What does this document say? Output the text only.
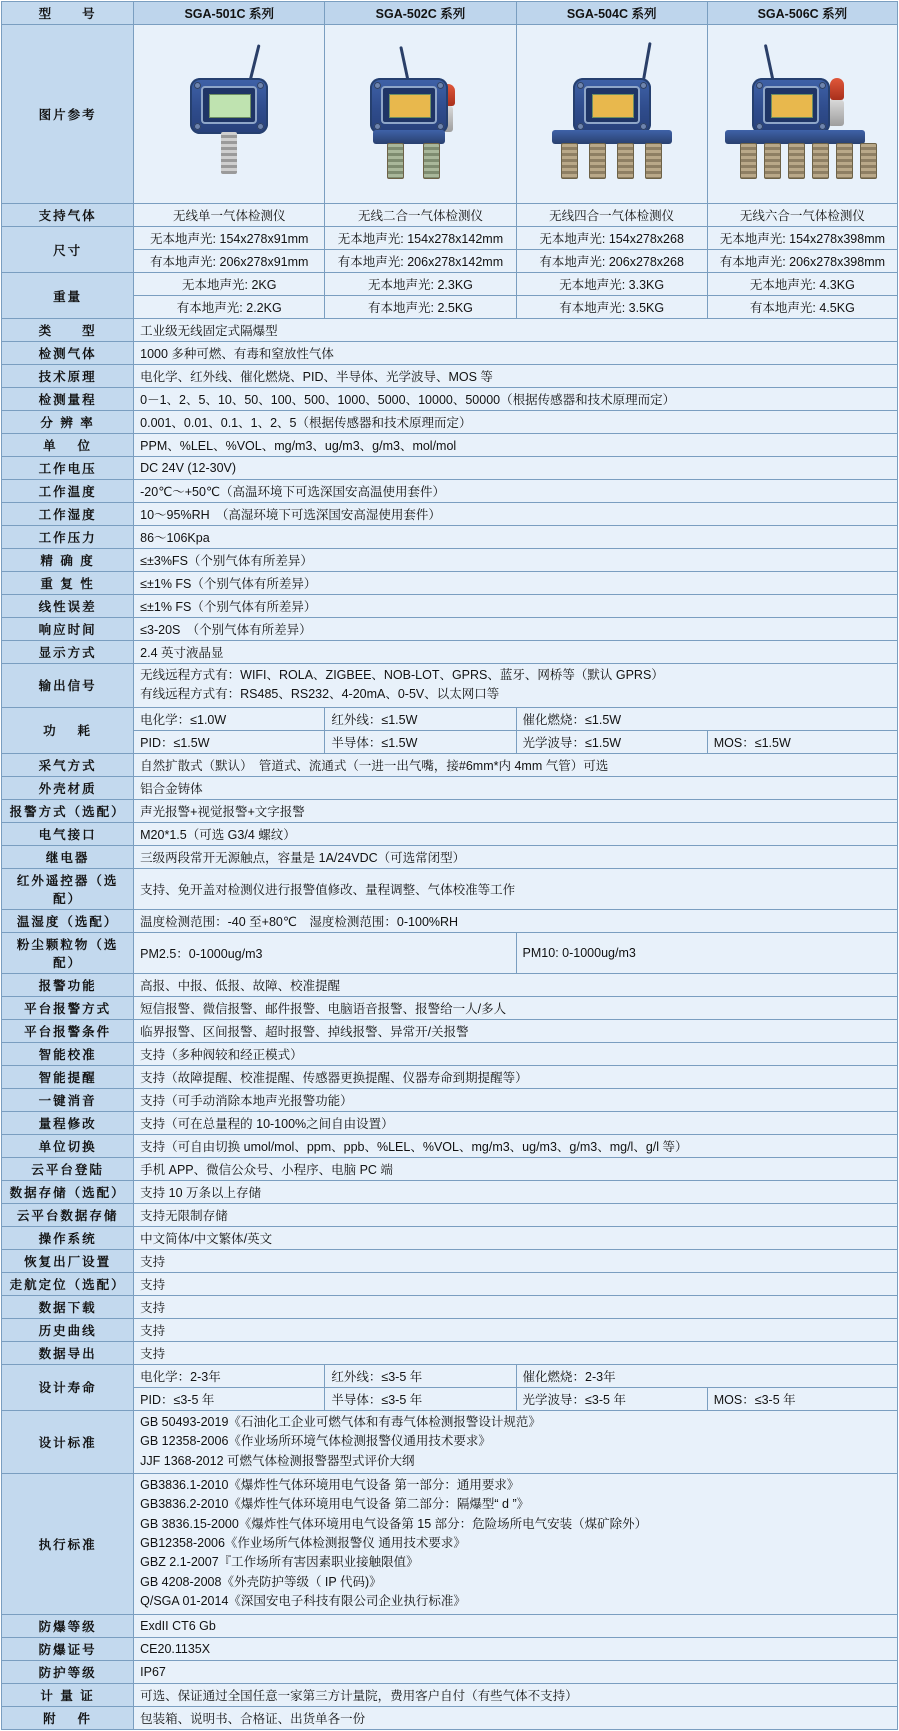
型　　号	SGA-501C 系列	SGA-502C 系列	SGA-504C 系列	SGA-506C 系列
图片参考	

支持气体	无线单一气体检测仪	无线二合一气体检测仪	无线四合一气体检测仪	无线六合一气体检测仪
尺寸	无本地声光: 154x278x91mm	无本地声光: 154x278x142mm	无本地声光: 154x278x268	无本地声光: 154x278x398mm
	有本地声光: 206x278x91mm	有本地声光: 206x278x142mm	有本地声光: 206x278x268	有本地声光: 206x278x398mm
重量	无本地声光: 2KG	无本地声光: 2.3KG	无本地声光: 3.3KG	无本地声光: 4.3KG
	有本地声光: 2.2KG	有本地声光: 2.5KG	有本地声光: 3.5KG	有本地声光: 4.5KG
类　　型	工业级无线固定式隔爆型			
检测气体	1000 多种可燃、有毒和窒放性气体			
技术原理	电化学、红外线、催化燃烧、PID、半导体、光学波导、MOS 等			
检测量程	0－1、2、5、10、50、100、500、1000、5000、10000、50000（根据传感器和技术原理而定）			
分 辨 率	0.001、0.01、0.1、1、2、5（根据传感器和技术原理而定）			
单　 位	PPM、%LEL、%VOL、mg/m3、ug/m3、g/m3、mol/mol			
工作电压	DC 24V (12-30V)			
工作温度	-20℃～+50℃（高温环境下可选深国安高温使用套件）			
工作湿度	10～95%RH　（高湿环境下可选深国安高湿使用套件）			
工作压力	86～106Kpa			
精 确 度	≤±3%FS（个别气体有所差异）			
重 复 性	≤±1% FS（个别气体有所差异）			
线性误差	≤±1% FS（个别气体有所差异）			
响应时间	≤3-20S　（个别气体有所差异）			
显示方式	2.4 英寸液晶显			
输出信号	无线远程方式有：WIFI、ROLA、ZIGBEE、NOB-LOT、GPRS、蓝牙、网桥等（默认 GPRS）
有线远程方式有：RS485、RS232、4-20mA、0-5V、以太网口等			

功　 耗	电化学：≤1.0W	红外线：≤1.5W	催化燃烧：≤1.5W	
	PID：≤1.5W	半导体：≤1.5W	光学波导：≤1.5W	MOS：≤1.5W
采气方式	自然扩散式（默认）　管道式、流通式（一进一出气嘴，接#6mm*内 4mm 气管）可选			
外壳材质	铝合金铸体			
报警方式（选配）	声光报警+视觉报警+文字报警			
电气接口	M20*1.5（可选 G3/4 螺纹）			
继电器	三级两段常开无源触点，容量是 1A/24VDC（可选常闭型）			
红外遥控器（选配）	支持、免开盖对检测仪进行报警值修改、量程调整、气体校准等工作			
温湿度（选配）	温度检测范围：-40 至+80℃　湿度检测范围：0-100%RH			
粉尘颗粒物（选配）	PM2.5：0-1000ug/m3		PM10: 0-1000ug/m3	
报警功能	高报、中报、低报、故障、校准提醒			
平台报警方式	短信报警、微信报警、邮件报警、电脑语音报警、报警给一人/多人			
平台报警条件	临界报警、区间报警、超时报警、掉线报警、异常开/关报警			
智能校准	支持（多种阀较和经正模式）			
智能提醒	支持（故障提醒、校准提醒、传感器更换提醒、仪器寿命到期提醒等）			
一键消音	支持（可手动消除本地声光报警功能）			
量程修改	支持（可在总量程的 10-100%之间自由设置）			
单位切换	支持（可自由切换 umol/mol、ppm、ppb、%LEL、%VOL、mg/m3、ug/m3、g/m3、mg/l、g/l 等）			
云平台登陆	手机 APP、微信公众号、小程序、电脑 PC 端			
数据存储（选配）	支持 10 万条以上存储			
云平台数据存储	支持无限制存储			
操作系统	中文简体/中文繁体/英文			
恢复出厂设置	支持			
走航定位（选配）	支持			
数据下载	支持			
历史曲线	支持			
数据导出	支持			
设计寿命	电化学：2-3年	红外线：≤3-5 年	催化燃烧：2-3年	
	PID：≤3-5 年	半导体：≤3-5 年	光学波导：≤3-5 年	MOS：≤3-5 年
设计标准	GB 50493-2019《石油化工企业可燃气体和有毒气体检测报警设计规范》
GB 12358-2006《作业场所环境气体检测报警仪通用技术要求》
JJF 1368-2012 可燃气体检测报警器型式评价大纲			

执行标准	
GB3836.1-2010《爆炸性气体环境用电气设备 第一部分：通用要求》
GB3836.2-2010《爆炸性气体环境用电气设备 第二部分：隔爆型“ d ”》
GB 3836.15-2000《爆炸性气体环境用电气设备第 15 部分：危险场所电气安装（煤矿除外）
GB12358-2006《作业场所气体检测报警仪 通用技术要求》
GBZ 2.1-2007『工作场所有害因素职业接触限值》
GB 4208-2008《外壳防护等级（ IP 代码)》
Q/SGA 01-2014《深国安电子科技有限公司企业执行标准》

防爆等级	ExdII CT6 Gb			
防爆证号	CE20.1135X			
防护等级	IP67			
计 量 证	可选、保证通过全国任意一家第三方计量院，费用客户自付（有些气体不支持）			
附　 件	包装箱、说明书、合格证、出货单各一份			
